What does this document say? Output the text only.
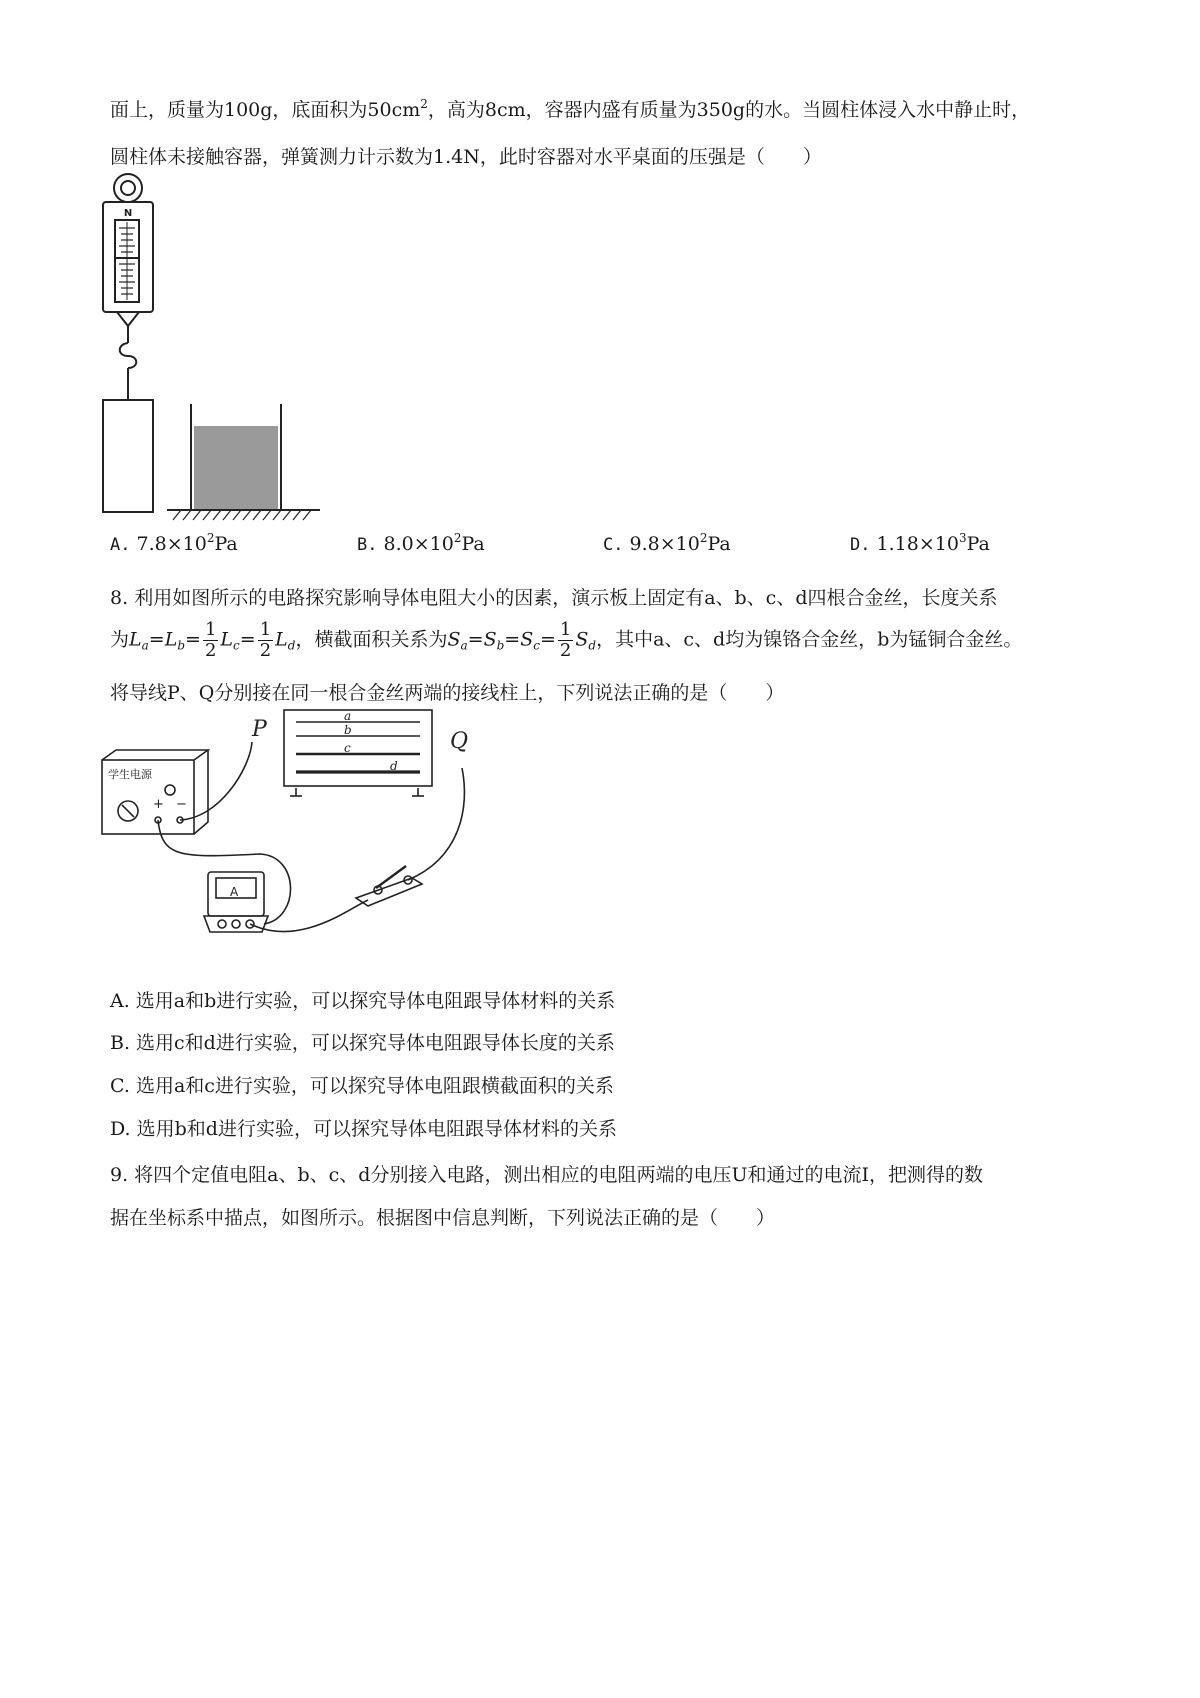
面上，质量为100g，底面积为$50cm^2$，高为8cm，容器内盛有质量为350g的水。当圆柱体浸入水中静止时，
圆柱体未接触容器，弹簧测力计示数为1.4N，此时容器对水平桌面的压强是（　　）
N
A. $7.8\times 10^2Pa$	B. $8.0\times 10^2Pa$	C. $9.8\times 10^2Pa$	D. $1.18\times 10^3Pa$
8. 利用如图所示的电路探究影响导体电阻大小的因素，演示板上固定有a、b、c、d四根合金丝，长度关系
为$L_a=L_b= \frac{1}{2} L_c= \frac{1}{2} L_d$，横截面积关系为$S_a=S_b=S_c= \frac{1}{2} S_d$，其中a、c、d均为镍铬合金丝，b为锰铜合金丝。
将导线P、Q分别接在同一根合金丝两端的接线柱上，下列说法正确的是（　　）
P	Q
a
b
c
d
学生电源
+ −
A
A. 选用a和b进行实验，可以探究导体电阻跟导体材料的关系
B. 选用c和d进行实验，可以探究导体电阻跟导体长度的关系
C. 选用a和c进行实验，可以探究导体电阻跟横截面积的关系
D. 选用b和d进行实验，可以探究导体电阻跟导体材料的关系
9. 将四个定值电阻a、b、c、d分别接入电路，测出相应的电阻两端的电压U和通过的电流I，把测得的数
据在坐标系中描点，如图所示。根据图中信息判断，下列说法正确的是（　　）
